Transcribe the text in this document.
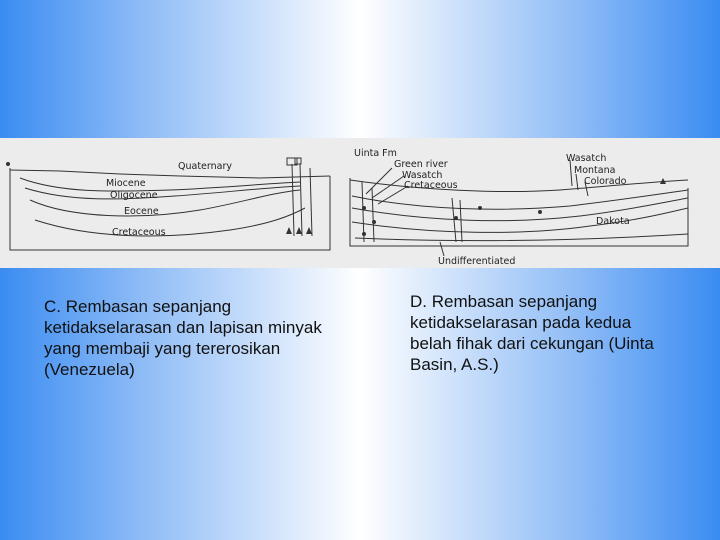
Quaternary
Miocene
Oligocene
Eocene
Cretaceous
Uinta Fm
Green river
Wasatch
Cretaceous
Wasatch
Montana
Colorado
Dakota
Undifferentiated

C. Rembasan sepanjang ketidakselarasan dan lapisan minyak yang membaji yang tererosikan (Venezuela)

D. Rembasan sepanjang ketidakselarasan pada kedua belah fihak dari cekungan (Uinta Basin, A.S.)
